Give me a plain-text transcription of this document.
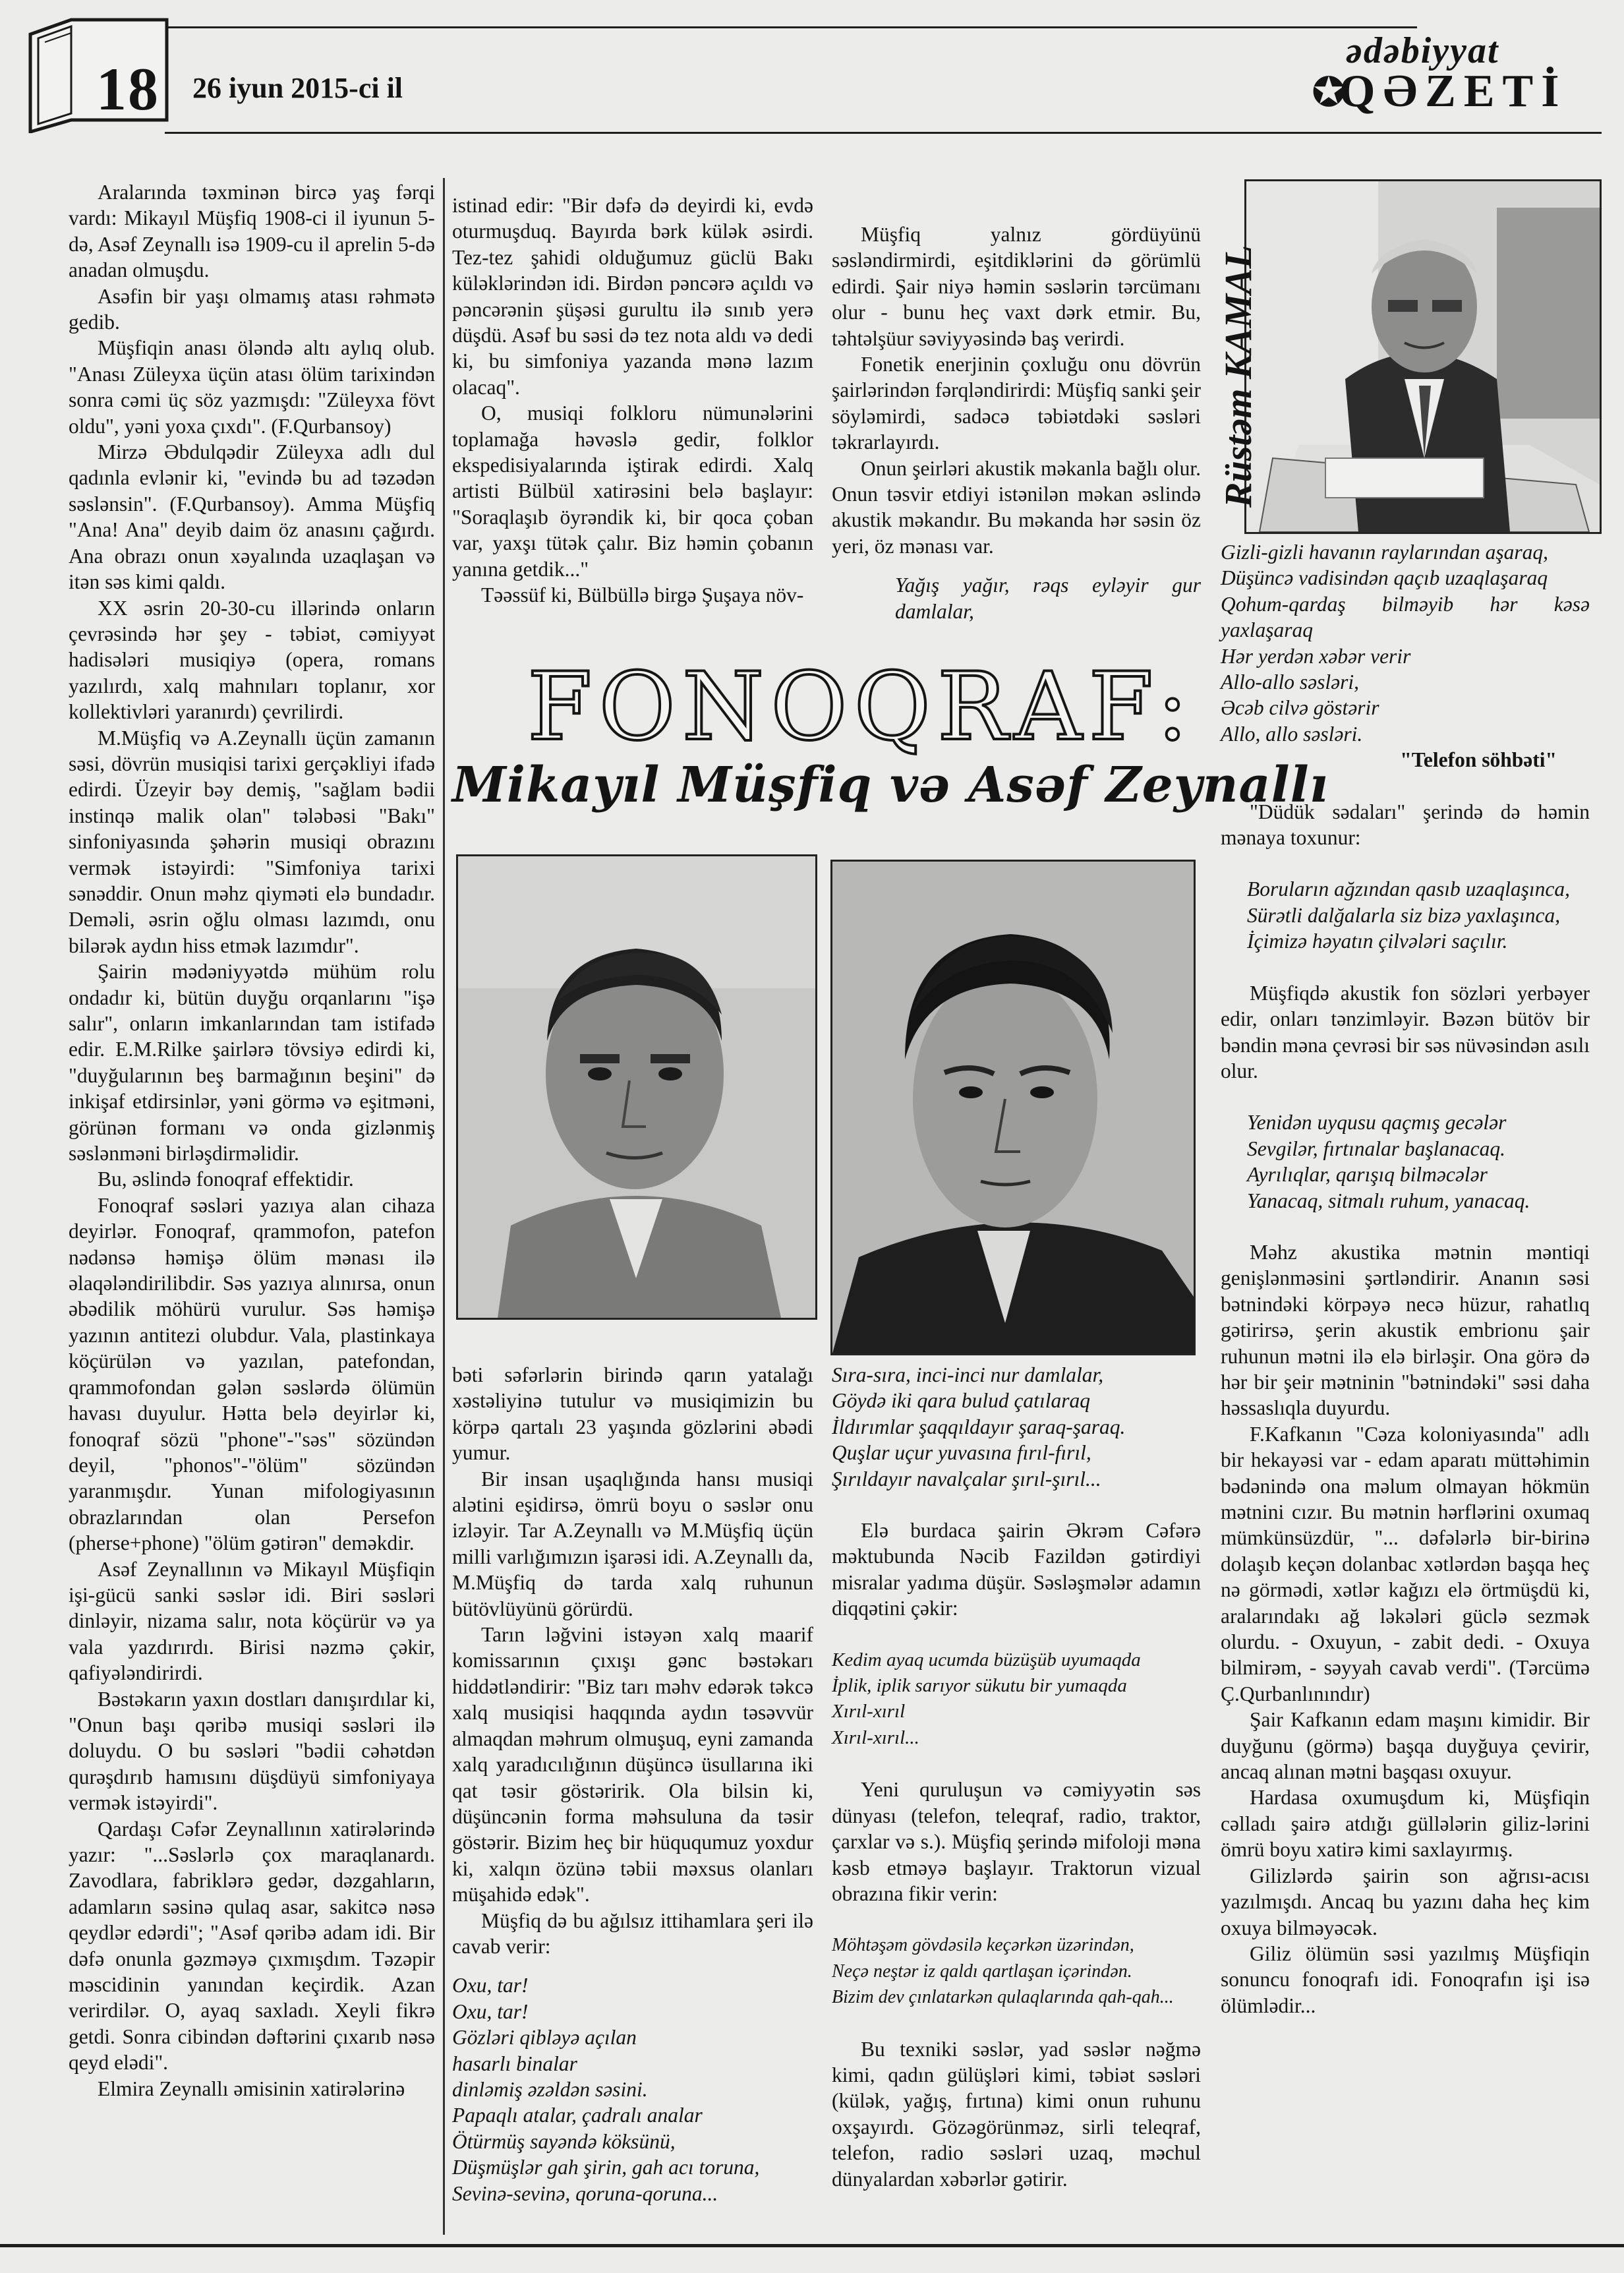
18 26 iyun 2015-ci il	✪
ədəbiyyat
QƏZETİ

Aralarında təxminən bircə yaş fərqi vardı: Mikayıl Müşfiq 1908-ci il iyunun 5-də, Asəf Zeynallı isə 1909-cu il aprelin 5-də anadan olmuşdu.

Asəfin bir yaşı olmamış atası rəhmətə gedib.

Müşfiqin anası öləndə altı aylıq olub. "Anası Züleyxa üçün atası ölüm tarixindən sonra cəmi üç söz yazmışdı: "Züleyxa fövt oldu", yəni yoxa çıxdı". (F.Qurbansoy)

Mirzə Əbdulqədir Züleyxa adlı dul qadınla evlənir ki, "evində bu ad təzədən səslənsin". (F.Qurbansoy). Amma Müşfiq "Ana! Ana" deyib daim öz anasını çağırdı. Ana obrazı onun xəyalında uzaqlaşan və itən səs kimi qaldı.

XX əsrin 20-30-cu illərində onların çevrəsində hər şey - təbiət, cəmiyyət hadisələri musiqiyə (opera, romans yazılırdı, xalq mahnıları toplanır, xor kollektivləri yaranırdı) çevrilirdi.

M.Müşfiq və A.Zeynallı üçün zamanın səsi, dövrün musiqisi tarixi gerçəkliyi ifadə edirdi. Üzeyir bəy demiş, "sağlam bədii instinqə malik olan" tələbəsi "Bakı" sinfoniyasında şəhərin musiqi obrazını vermək istəyirdi: "Simfoniya tarixi sənəddir. Onun məhz qiyməti elə bundadır. Deməli, əsrin oğlu olması lazımdı, onu bilərək aydın hiss etmək lazımdır".

Şairin mədəniyyətdə mühüm rolu ondadır ki, bütün duyğu orqanlarını "işə salır", onların imkanlarından tam istifadə edir. E.M.Rilke şairlərə tövsiyə edirdi ki, "duyğularının beş barmağının beşini" də inkişaf etdirsinlər, yəni görmə və eşitməni, görünən formanı və onda gizlənmiş səslənməni birləşdirməlidir.

Bu, əslində fonoqraf effektidir.

Fonoqraf səsləri yazıya alan cihaza deyirlər. Fonoqraf, qrammofon, patefon nədənsə həmişə ölüm mənası ilə əlaqələndirilibdir. Səs yazıya alınırsa, onun əbədilik möhürü vurulur. Səs həmişə yazının antitezi olubdur. Vala, plastinkaya köçürülən və yazılan, patefondan, qrammofondan gələn səslərdə ölümün havası duyulur. Hətta belə deyirlər ki, fonoqraf sözü "phone"-"səs" sözündən deyil, "phonos"-"ölüm" sözündən yaranmışdır. Yunan mifologiyasının obrazlarından olan Persefon (pherse+phone) "ölüm gətirən" deməkdir.

Asəf Zeynallının və Mikayıl Müşfiqin işi-gücü sanki səslər idi. Biri səsləri dinləyir, nizama salır, nota köçürür və ya vala yazdırırdı. Birisi nəzmə çəkir, qafiyələndirirdi.

Bəstəkarın yaxın dostları danışırdılar ki, "Onun başı qəribə musiqi səsləri ilə doluydu. O bu səsləri "bədii cəhətdən qurəşdırıb hamısını düşdüyü simfoniyaya vermək istəyirdi".

Qardaşı Cəfər Zeynallının xatirələrində yazır: "...Səslərlə çox maraqlanardı. Zavodlara, fabriklərə gedər, dəzgahların, adamların səsinə qulaq asar, sakitcə nəsə qeydlər edərdi"; "Asəf qəribə adam idi. Bir dəfə onunla gəzməyə çıxmışdım. Təzəpir məscidinin yanından keçirdik. Azan verirdilər. O, ayaq saxladı. Xeyli fikrə getdi. Sonra cibindən dəftərini çıxarıb nəsə qeyd elədi".

Elmira Zeynallı əmisinin xatirələrinə

istinad edir: "Bir dəfə də deyirdi ki, evdə oturmuşduq. Bayırda bərk külək əsirdi. Tez-tez şahidi olduğumuz güclü Bakı küləklərindən idi. Birdən pəncərə açıldı və pəncərənin şüşəsi gurultu ilə sınıb yerə düşdü. Asəf bu səsi də tez nota aldı və dedi ki, bu simfoniya yazanda mənə lazım olacaq".

O, musiqi folkloru nümunələrini toplamağa həvəslə gedir, folklor ekspedisiyalarında iştirak edirdi. Xalq artisti Bülbül xatirəsini belə başlayır: "Soraqlaşıb öyrəndik ki, bir qoca çoban var, yaxşı tütək çalır. Biz həmin çobanın yanına getdik..."

Təəssüf ki, Bülbüllə birgə Şuşaya növ-

Müşfiq yalnız gördüyünü səsləndirmirdi, eşitdiklərini də görümlü edirdi. Şair niyə həmin səslərin tərcümanı olur - bunu heç vaxt dərk etmir. Bu, təhtəlşüur səviyyəsində baş verirdi.

Fonetik enerjinin çoxluğu onu dövrün şairlərindən fərqləndirirdi: Müşfiq sanki şeir söyləmirdi, sadəcə təbiətdəki səsləri təkrarlayırdı.

Onun şeirləri akustik məkanla bağlı olur. Onun təsvir etdiyi istənilən məkan əslində akustik məkandır. Bu məkanda hər səsin öz yeri, öz mənası var.

Yağış yağır, rəqs eyləyir gur damlalar,

Rüstəm KAMAL
FONOQRAF:
Mikayıl Müşfiq və Asəf Zeynallı

bəti səfərlərin birində qarın yatalağı xəstəliyinə tutulur və musiqimizin bu körpə qartalı 23 yaşında gözlərini əbədi yumur.

Bir insan uşaqlığında hansı musiqi alətini eşidirsə, ömrü boyu o səslər onu izləyir. Tar A.Zeynallı və M.Müşfiq üçün milli varlığımızın işarəsi idi. A.Zeynallı da, M.Müşfiq də tarda xalq ruhunun bütövlüyünü görürdü.

Tarın ləğvini istəyən xalq maarif komissarının çıxışı gənc bəstəkarı hiddətləndirir: "Biz tarı məhv edərək təkcə xalq musiqisi haqqında aydın təsəvvür almaqdan məhrum olmuşuq, eyni zamanda xalq yaradıcılığının düşüncə üsullarına iki qat təsir göstəririk. Ola bilsin ki, düşüncənin forma məhsuluna da təsir göstərir. Bizim heç bir hüququmuz yoxdur ki, xalqın özünə təbii məxsus olanları müşahidə edək".

Müşfiq də bu ağılsız ittihamlara şeri ilə cavab verir:

Oxu, tar!

Oxu, tar!

Gözləri qibləyə açılan

hasarlı binalar

dinləmiş əzəldən səsini.

Papaqlı atalar, çadralı analar

Ötürmüş sayəndə köksünü,

Düşmüşlər gah şirin, gah acı toruna,

Sevinə-sevinə, qoruna-qoruna...

Sıra-sıra, inci-inci nur damlalar,

Göydə iki qara bulud çatılaraq

İldırımlar şaqqıldayır şaraq-şaraq.

Quşlar uçur yuvasına fırıl-fırıl,

Şırıldayır navalçalar şırıl-şırıl...

Elə burdaca şairin Əkrəm Cəfərə məktubunda Nəcib Fazildən gətirdiyi misralar yadıma düşür. Səsləşmələr adamın diqqətini çəkir:

Kedim ayaq ucumda büzüşüb uyumaqda

İplik, iplik sarıyor sükutu bir yumaqda

Xırıl-xırıl

Xırıl-xırıl...

Yeni quruluşun və cəmiyyətin səs dünyası (telefon, teleqraf, radio, traktor, çarxlar və s.). Müşfiq şerində mifoloji məna kəsb etməyə başlayır. Traktorun vizual obrazına fikir verin:

Möhtəşəm gövdəsilə keçərkən üzərindən,

Neçə neştər iz qaldı qartlaşan içərindən.

Bizim dev çınlatarkən qulaqlarında qah-qah...

Bu texniki səslər, yad səslər nəğmə kimi, qadın gülüşləri kimi, təbiət səsləri (külək, yağış, fırtına) kimi onun ruhunu oxşayırdı. Gözəgörünməz, sirli teleqraf, telefon, radio səsləri uzaq, məchul dünyalardan xəbərlər gətirir.

Gizli-gizli havanın raylarından aşaraq,

Düşüncə vadisindən qaçıb uzaqlaşaraq

Qohum-qardaş bilməyib hər kəsə yaxlaşaraq

Hər yerdən xəbər verir

Allo-allo səsləri,

Əcəb cilvə göstərir

Allo, allo səsləri.

"Telefon söhbəti"

"Düdük sədaları" şerində də həmin mənaya toxunur:

Boruların ağzından qasıb uzaqlaşınca,

Sürətli dalğalarla siz bizə yaxlaşınca,

İçimizə həyatın çilvələri saçılır.

Müşfiqdə akustik fon sözləri yerbəyer edir, onları tənzimləyir. Bəzən bütöv bir bəndin məna çevrəsi bir səs nüvəsindən asılı olur.

Yenidən uyqusu qaçmış gecələr

Sevgilər, fırtınalar başlanacaq.

Ayrılıqlar, qarışıq bilməcələr

Yanacaq, sitmalı ruhum, yanacaq.

Məhz akustika mətnin məntiqi genişlənməsini şərtləndirir. Ananın səsi bətnindəki körpəyə necə hüzur, rahatlıq gətirirsə, şerin akustik embrionu şair ruhunun mətni ilə elə birləşir. Ona görə də hər bir şeir mətninin "bətnindəki" səsi daha həssaslıqla duyurdu.

F.Kafkanın "Cəza koloniyasında" adlı bir hekayəsi var - edam aparatı müttəhimin bədənində ona məlum olmayan hökmün mətnini cızır. Bu mətnin hərflərini oxumaq mümkünsüzdür, "... dəfələrlə bir-birinə dolaşıb keçən dolanbac xətlərdən başqa heç nə görmədi, xətlər kağızı elə örtmüşdü ki, aralarındakı ağ ləkələri güclə sezmək olurdu. - Oxuyun, - zabit dedi. - Oxuya bilmirəm, - səyyah cavab verdi". (Tərcümə Ç.Qurbanlınındır)

Şair Kafkanın edam maşını kimidir. Bir duyğunu (görmə) başqa duyğuya çevirir, ancaq alınan mətni başqası oxuyur.

Hardasa oxumuşdum ki, Müşfiqin cəlladı şairə atdığı güllələrin giliz-lərini ömrü boyu xatirə kimi saxlayırmış.

Gilizlərdə şairin son ağrısı-acısı yazılmışdı. Ancaq bu yazını daha heç kim oxuya bilməyəcək.

Giliz ölümün səsi yazılmış Müşfiqin sonuncu fonoqrafı idi. Fonoqrafın işi isə ölümlədir...
